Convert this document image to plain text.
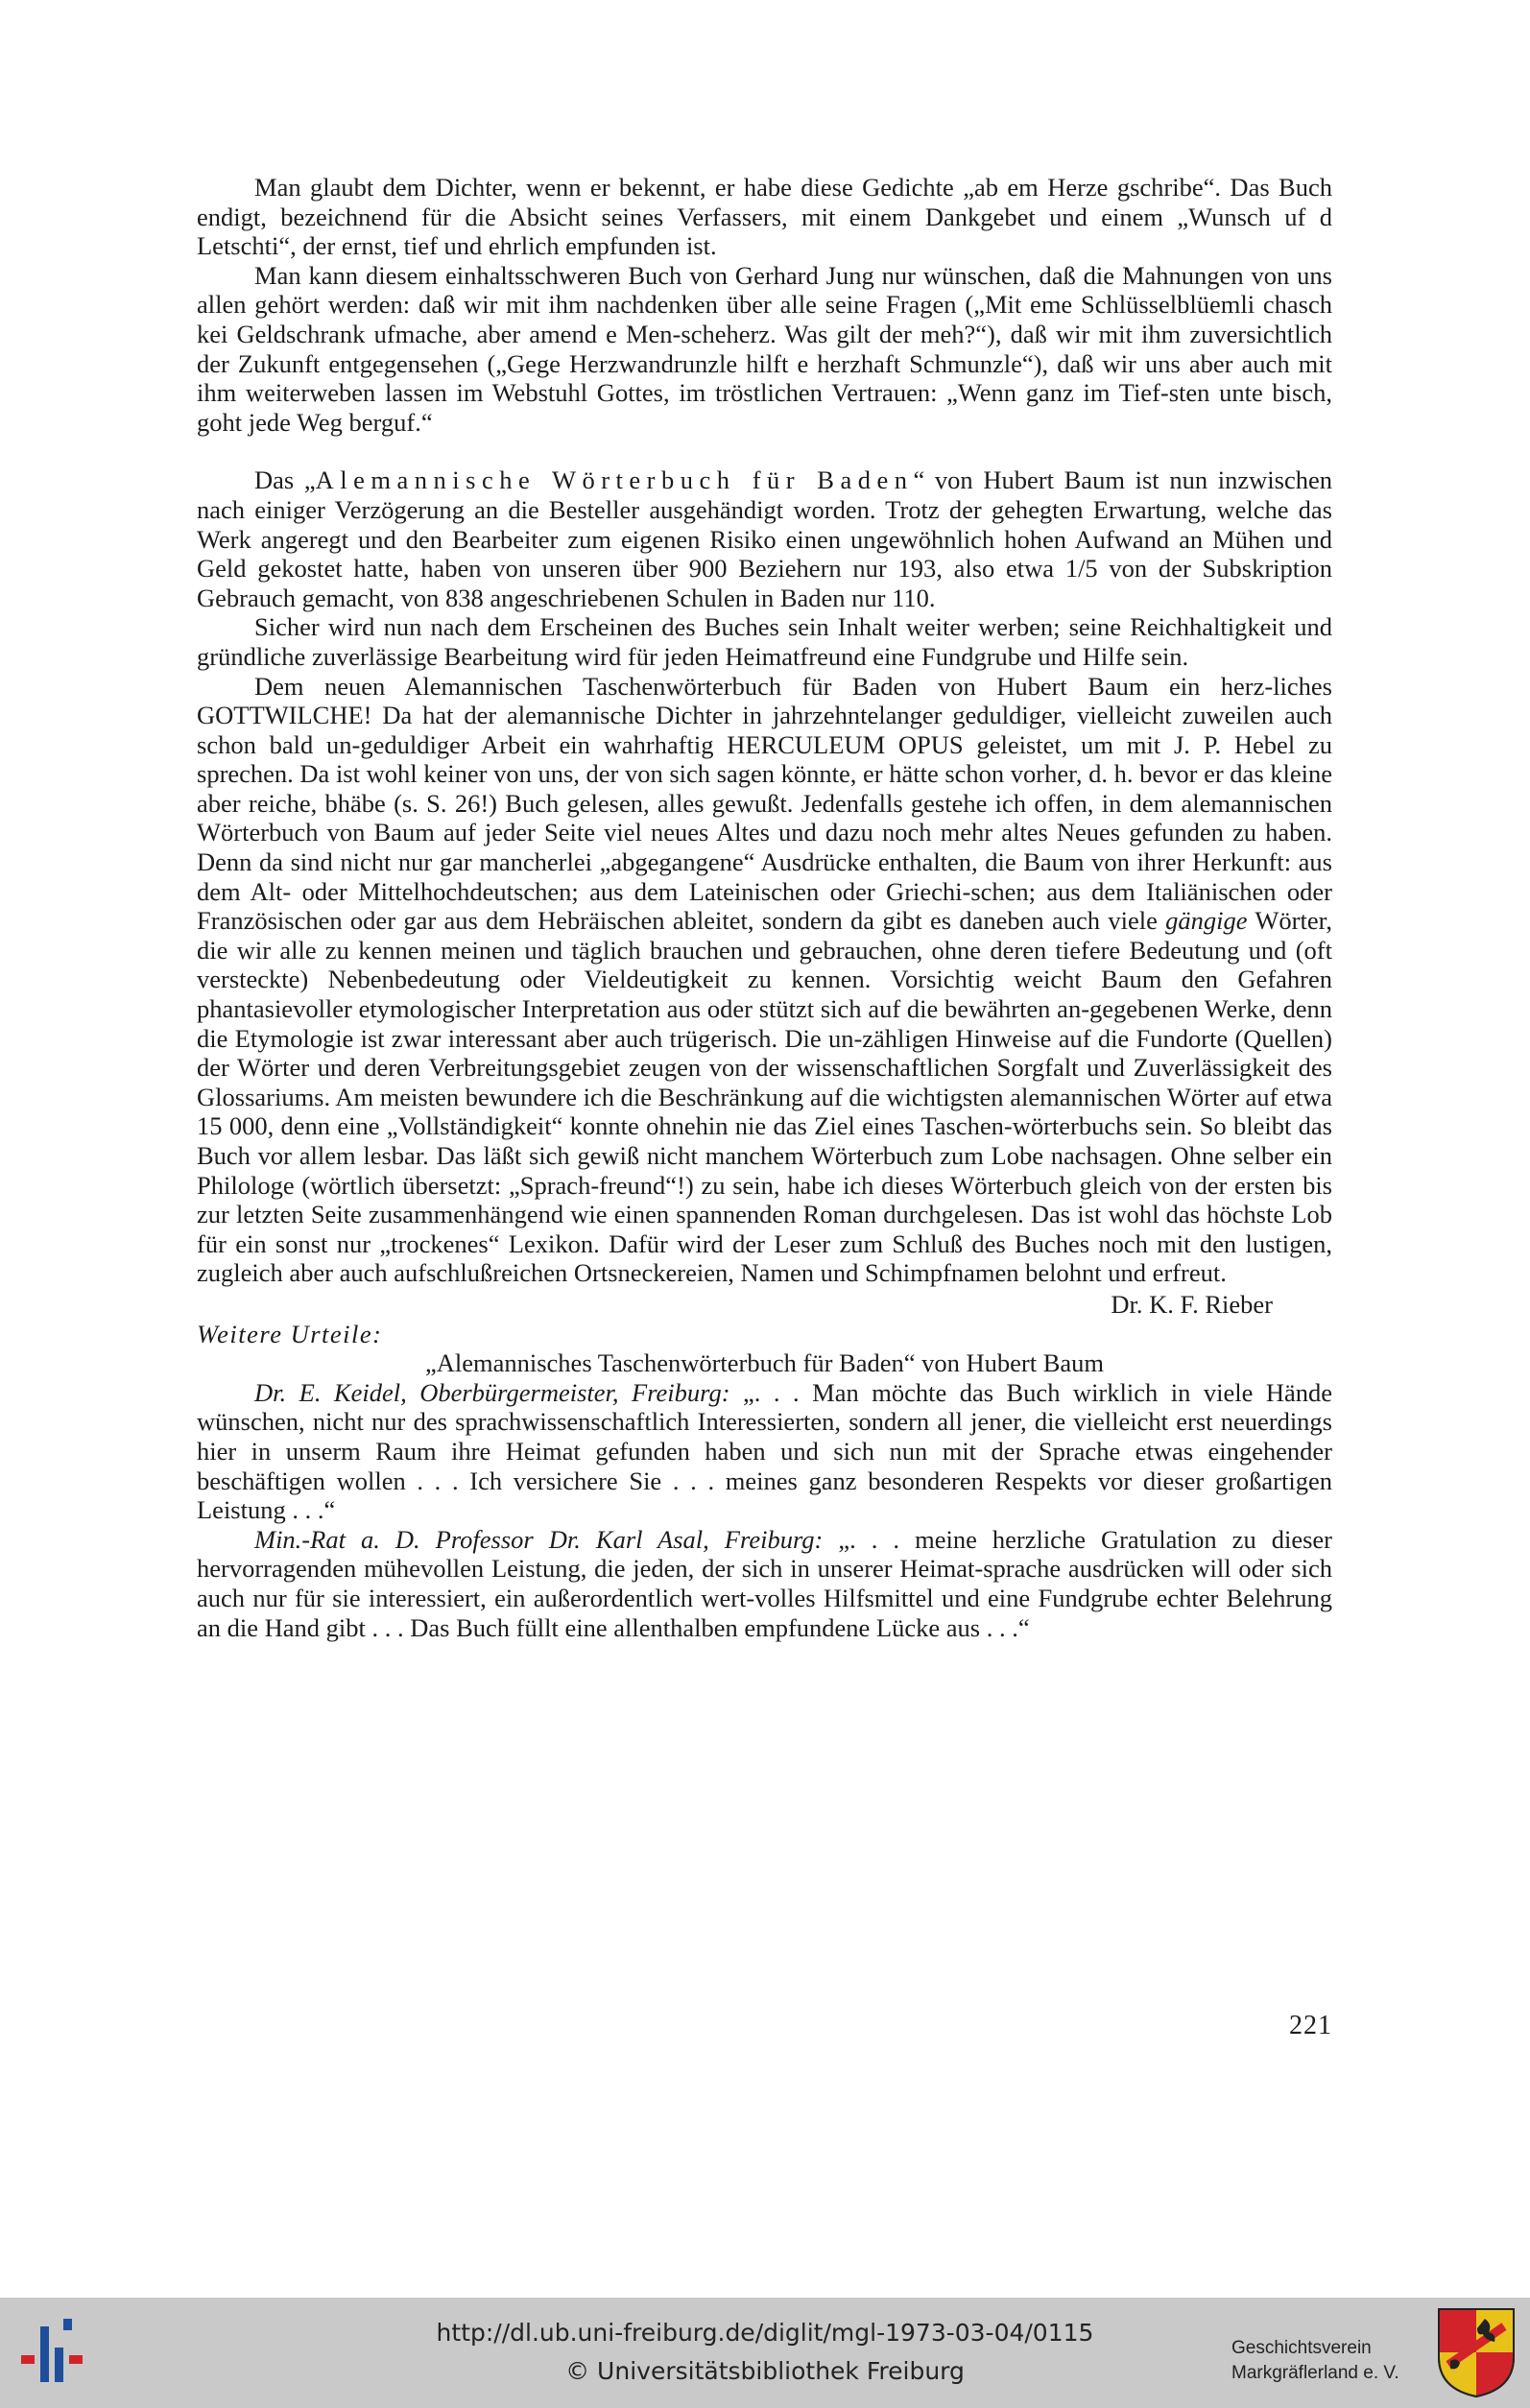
Man glaubt dem Dichter, wenn er bekennt, er habe diese Gedichte „ab em Herze gschribe“. Das Buch endigt, bezeichnend für die Absicht seines Verfassers, mit einem Dankgebet und einem „Wunsch uf d Letschti“, der ernst, tief und ehrlich empfunden ist.

Man kann diesem einhaltsschweren Buch von Gerhard Jung nur wünschen, daß die Mahnungen von uns allen gehört werden: daß wir mit ihm nachdenken über alle seine Fragen („Mit eme Schlüsselblüemli chasch kei Geldschrank ufmache, aber amend e Men-scheherz. Was gilt der meh?“), daß wir mit ihm zuversichtlich der Zukunft entgegensehen („Gege Herzwandrunzle hilft e herzhaft Schmunzle“), daß wir uns aber auch mit ihm weiterweben lassen im Webstuhl Gottes, im tröstlichen Vertrauen: „Wenn ganz im Tief-sten unte bisch, goht jede Weg berguf.“

Das „Alemannische Wörterbuch für Baden“ von Hubert Baum ist nun inzwischen nach einiger Verzögerung an die Besteller ausgehändigt worden. Trotz der gehegten Erwartung, welche das Werk angeregt und den Bearbeiter zum eigenen Risiko einen ungewöhnlich hohen Aufwand an Mühen und Geld gekostet hatte, haben von unseren über 900 Beziehern nur 193, also etwa 1/5 von der Subskription Gebrauch gemacht, von 838 angeschriebenen Schulen in Baden nur 110.

Sicher wird nun nach dem Erscheinen des Buches sein Inhalt weiter werben; seine Reichhaltigkeit und gründliche zuverlässige Bearbeitung wird für jeden Heimatfreund eine Fundgrube und Hilfe sein.

Dem neuen Alemannischen Taschenwörterbuch für Baden von Hubert Baum ein herz-liches GOTTWILCHE! Da hat der alemannische Dichter in jahrzehntelanger geduldiger, vielleicht zuweilen auch schon bald un-geduldiger Arbeit ein wahrhaftig HERCULEUM OPUS geleistet, um mit J. P. Hebel zu sprechen. Da ist wohl keiner von uns, der von sich sagen könnte, er hätte schon vorher, d. h. bevor er das kleine aber reiche, bhäbe (s. S. 26!) Buch gelesen, alles gewußt. Jedenfalls gestehe ich offen, in dem alemannischen Wörterbuch von Baum auf jeder Seite viel neues Altes und dazu noch mehr altes Neues gefunden zu haben. Denn da sind nicht nur gar mancherlei „abgegangene“ Ausdrücke enthalten, die Baum von ihrer Herkunft: aus dem Alt- oder Mittelhochdeutschen; aus dem Lateinischen oder Griechi-schen; aus dem Italiänischen oder Französischen oder gar aus dem Hebräischen ableitet, sondern da gibt es daneben auch viele gängige Wörter, die wir alle zu kennen meinen und täglich brauchen und gebrauchen, ohne deren tiefere Bedeutung und (oft versteckte) Nebenbedeutung oder Vieldeutigkeit zu kennen. Vorsichtig weicht Baum den Gefahren phantasievoller etymologischer Interpretation aus oder stützt sich auf die bewährten an-gegebenen Werke, denn die Etymologie ist zwar interessant aber auch trügerisch. Die un-zähligen Hinweise auf die Fundorte (Quellen) der Wörter und deren Verbreitungsgebiet zeugen von der wissenschaftlichen Sorgfalt und Zuverlässigkeit des Glossariums. Am meisten bewundere ich die Beschränkung auf die wichtigsten alemannischen Wörter auf etwa 15 000, denn eine „Vollständigkeit“ konnte ohnehin nie das Ziel eines Taschen-wörterbuchs sein. So bleibt das Buch vor allem lesbar. Das läßt sich gewiß nicht manchem Wörterbuch zum Lobe nachsagen. Ohne selber ein Philologe (wörtlich übersetzt: „Sprach-freund“!) zu sein, habe ich dieses Wörterbuch gleich von der ersten bis zur letzten Seite zusammenhängend wie einen spannenden Roman durchgelesen. Das ist wohl das höchste Lob für ein sonst nur „trockenes“ Lexikon. Dafür wird der Leser zum Schluß des Buches noch mit den lustigen, zugleich aber auch aufschlußreichen Ortsneckereien, Namen und Schimpfnamen belohnt und erfreut.

Dr. K. F. Rieber

Weitere Urteile:

„Alemannisches Taschenwörterbuch für Baden“ von Hubert Baum

Dr. E. Keidel, Oberbürgermeister, Freiburg: „. . . Man möchte das Buch wirklich in viele Hände wünschen, nicht nur des sprachwissenschaftlich Interessierten, sondern all jener, die vielleicht erst neuerdings hier in unserm Raum ihre Heimat gefunden haben und sich nun mit der Sprache etwas eingehender beschäftigen wollen . . . Ich versichere Sie . . . meines ganz besonderen Respekts vor dieser großartigen Leistung . . .“

Min.-Rat a. D. Professor Dr. Karl Asal, Freiburg: „. . . meine herzliche Gratulation zu dieser hervorragenden mühevollen Leistung, die jeden, der sich in unserer Heimat-sprache ausdrücken will oder sich auch nur für sie interessiert, ein außerordentlich wert-volles Hilfsmittel und eine Fundgrube echter Belehrung an die Hand gibt . . . Das Buch füllt eine allenthalben empfundene Lücke aus . . .“

221
http://dl.ub.uni-freiburg.de/diglit/mgl-1973-03-04/0115
© Universitätsbibliothek Freiburg
Geschichtsverein
Markgräflerland e. V.
